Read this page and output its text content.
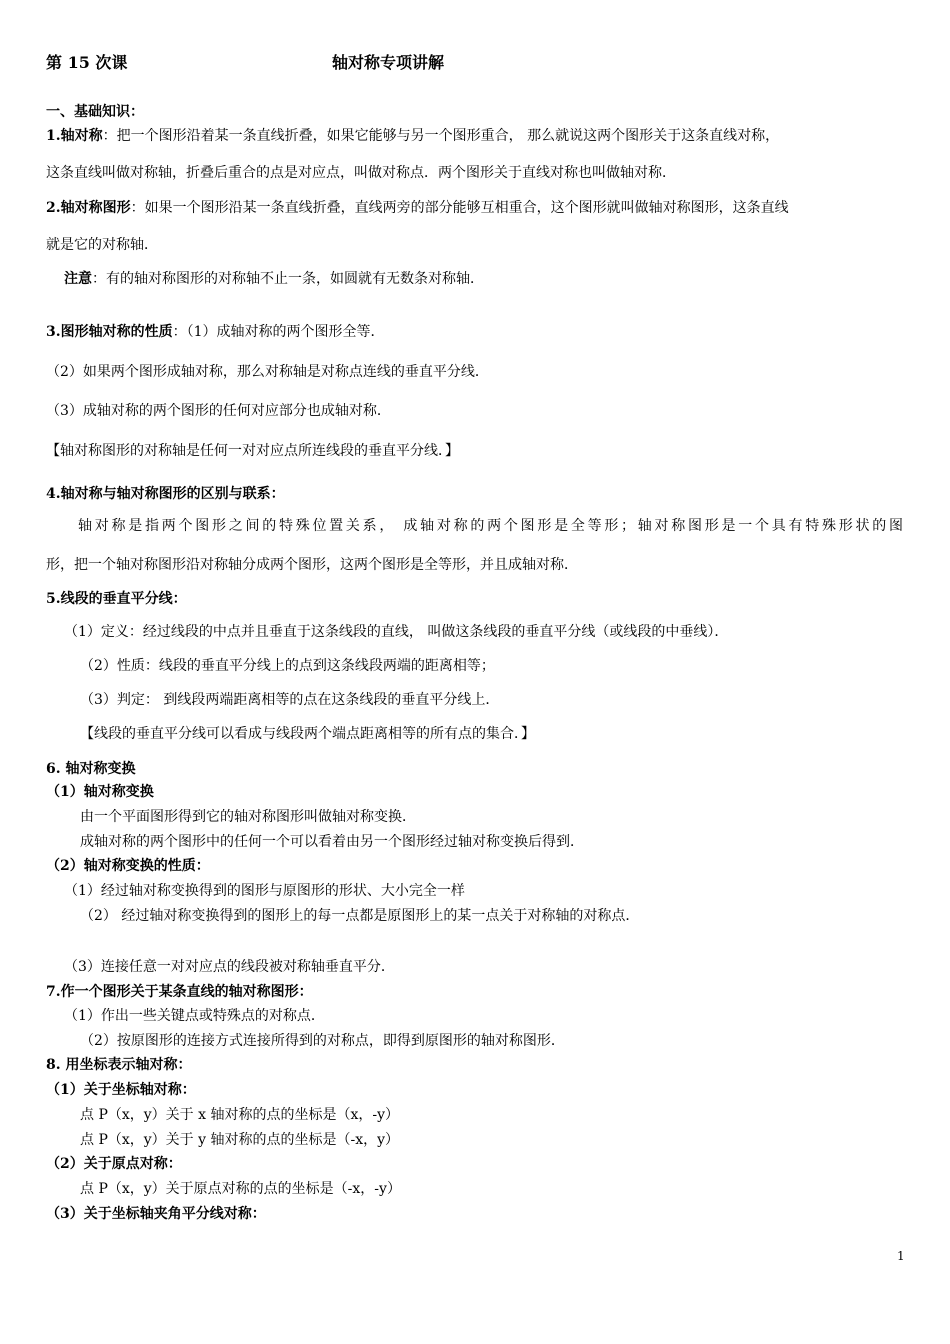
第 15 次课	轴对称专项讲解
一、基础知识：
1.轴对称：把一个图形沿着某一条直线折叠，如果它能够与另一个图形重合， 那么就说这两个图形关于这条直线对称，
这条直线叫做对称轴，折叠后重合的点是对应点，叫做对称点．两个图形关于直线对称也叫做轴对称．
2.轴对称图形：如果一个图形沿某一条直线折叠，直线两旁的部分能够互相重合，这个图形就叫做轴对称图形，这条直线
就是它的对称轴．
注意：有的轴对称图形的对称轴不止一条，如圆就有无数条对称轴．
3.图形轴对称的性质：（1）成轴对称的两个图形全等．
（2）如果两个图形成轴对称，那么对称轴是对称点连线的垂直平分线．
（3）成轴对称的两个图形的任何对应部分也成轴对称．
【轴对称图形的对称轴是任何一对对应点所连线段的垂直平分线．】
4.轴对称与轴对称图形的区别与联系：
轴对称是指两个图形之间的特殊位置关系， 成轴对称的两个图形是全等形；轴对称图形是一个具有特殊形状的图
形，把一个轴对称图形沿对称轴分成两个图形，这两个图形是全等形，并且成轴对称．
5.线段的垂直平分线：
（1）定义：经过线段的中点并且垂直于这条线段的直线， 叫做这条线段的垂直平分线（或线段的中垂线）．
（2）性质：线段的垂直平分线上的点到这条线段两端的距离相等；
（3）判定： 到线段两端距离相等的点在这条线段的垂直平分线上．
【线段的垂直平分线可以看成与线段两个端点距离相等的所有点的集合．】
6. 轴对称变换
（1）轴对称变换
由一个平面图形得到它的轴对称图形叫做轴对称变换．
成轴对称的两个图形中的任何一个可以看着由另一个图形经过轴对称变换后得到．
（2）轴对称变换的性质：
（1）经过轴对称变换得到的图形与原图形的形状、大小完全一样
（2） 经过轴对称变换得到的图形上的每一点都是原图形上的某一点关于对称轴的对称点．
（3）连接任意一对对应点的线段被对称轴垂直平分．
7.作一个图形关于某条直线的轴对称图形：
（1）作出一些关键点或特殊点的对称点．
（2）按原图形的连接方式连接所得到的对称点，即得到原图形的轴对称图形．
8. 用坐标表示轴对称：
（1）关于坐标轴对称：
点 P（x，y）关于 x 轴对称的点的坐标是（x，-y）
点 P（x，y）关于 y 轴对称的点的坐标是（-x，y）
（2）关于原点对称：
点 P（x，y）关于原点对称的点的坐标是（-x，-y）
（3）关于坐标轴夹角平分线对称：
1
